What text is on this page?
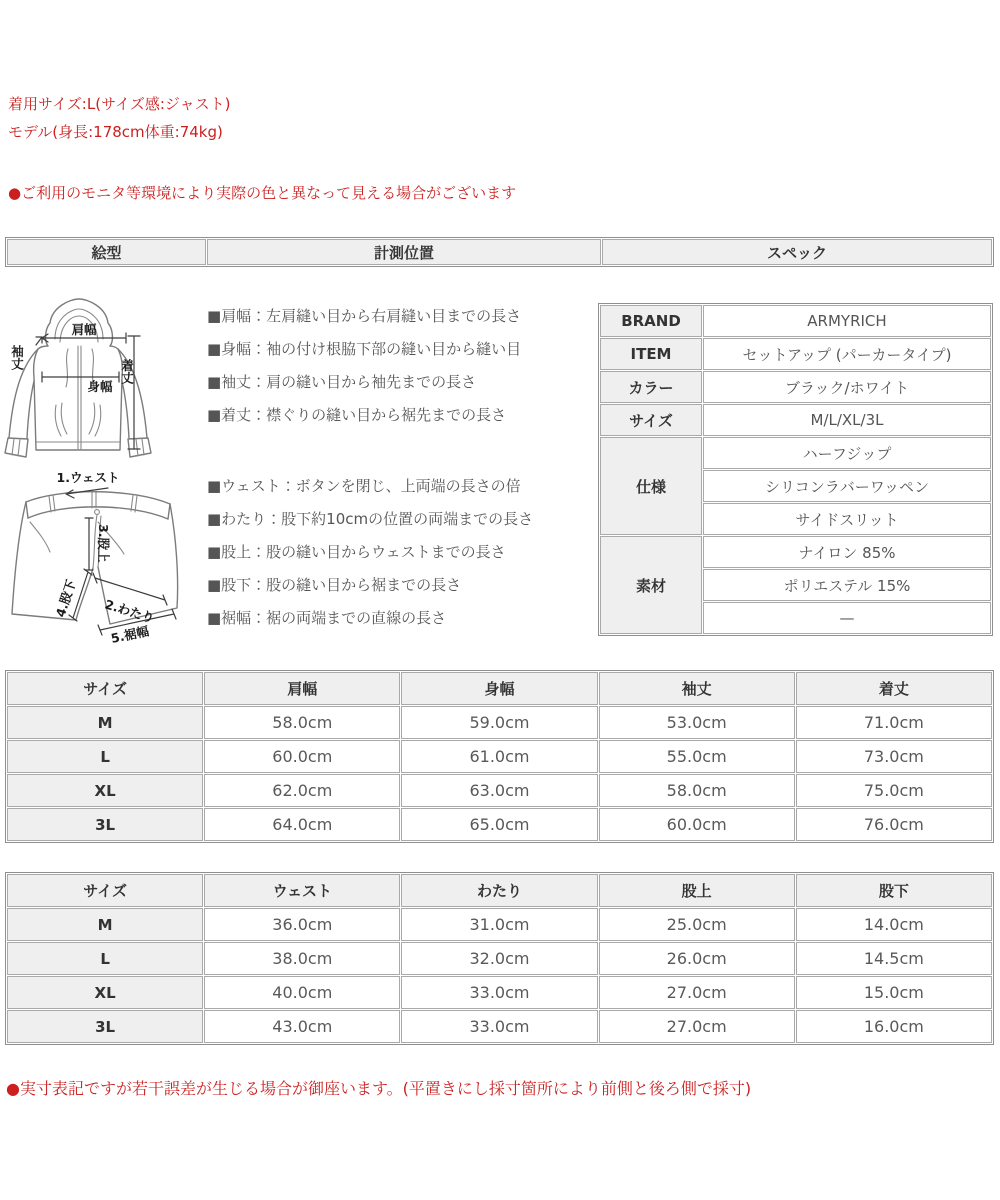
着用サイズ:L(サイズ感:ジャスト)
モデル(身長:178cm体重:74kg)
●ご利用のモニタ等環境により実際の色と異なって見える場合がございます
絵型	計測位置	スペック
肩幅
身幅
袖丈
着丈
1.ウェスト
3.股上
2.わたり
4.股下
5.裾幅
■肩幅：左肩縫い目から右肩縫い目までの長さ
■身幅：袖の付け根脇下部の縫い目から縫い目
■袖丈：肩の縫い目から袖先までの長さ
■着丈：襟ぐりの縫い目から裾先までの長さ
■ウェスト：ボタンを閉じ、上両端の長さの倍
■わたり：股下約10cmの位置の両端までの長さ
■股上：股の縫い目からウェストまでの長さ
■股下：股の縫い目から裾までの長さ
■裾幅：裾の両端までの直線の長さ
BRAND	ARMYRICH
ITEM	セットアップ (パーカータイプ)
カラー	ブラック/ホワイト
サイズ	M/L/XL/3L
仕様	ハーフジップ
	シリコンラバーワッペン
	サイドスリット
素材	ナイロン 85%
	ポリエステル 15%
	—
サイズ	肩幅	身幅	袖丈	着丈
M	58.0cm	59.0cm	53.0cm	71.0cm
L	60.0cm	61.0cm	55.0cm	73.0cm
XL	62.0cm	63.0cm	58.0cm	75.0cm
3L	64.0cm	65.0cm	60.0cm	76.0cm
サイズ	ウェスト	わたり	股上	股下
M	36.0cm	31.0cm	25.0cm	14.0cm
L	38.0cm	32.0cm	26.0cm	14.5cm
XL	40.0cm	33.0cm	27.0cm	15.0cm
3L	43.0cm	33.0cm	27.0cm	16.0cm
●実寸表記ですが若干誤差が生じる場合が御座います。(平置きにし採寸箇所により前側と後ろ側で採寸)
